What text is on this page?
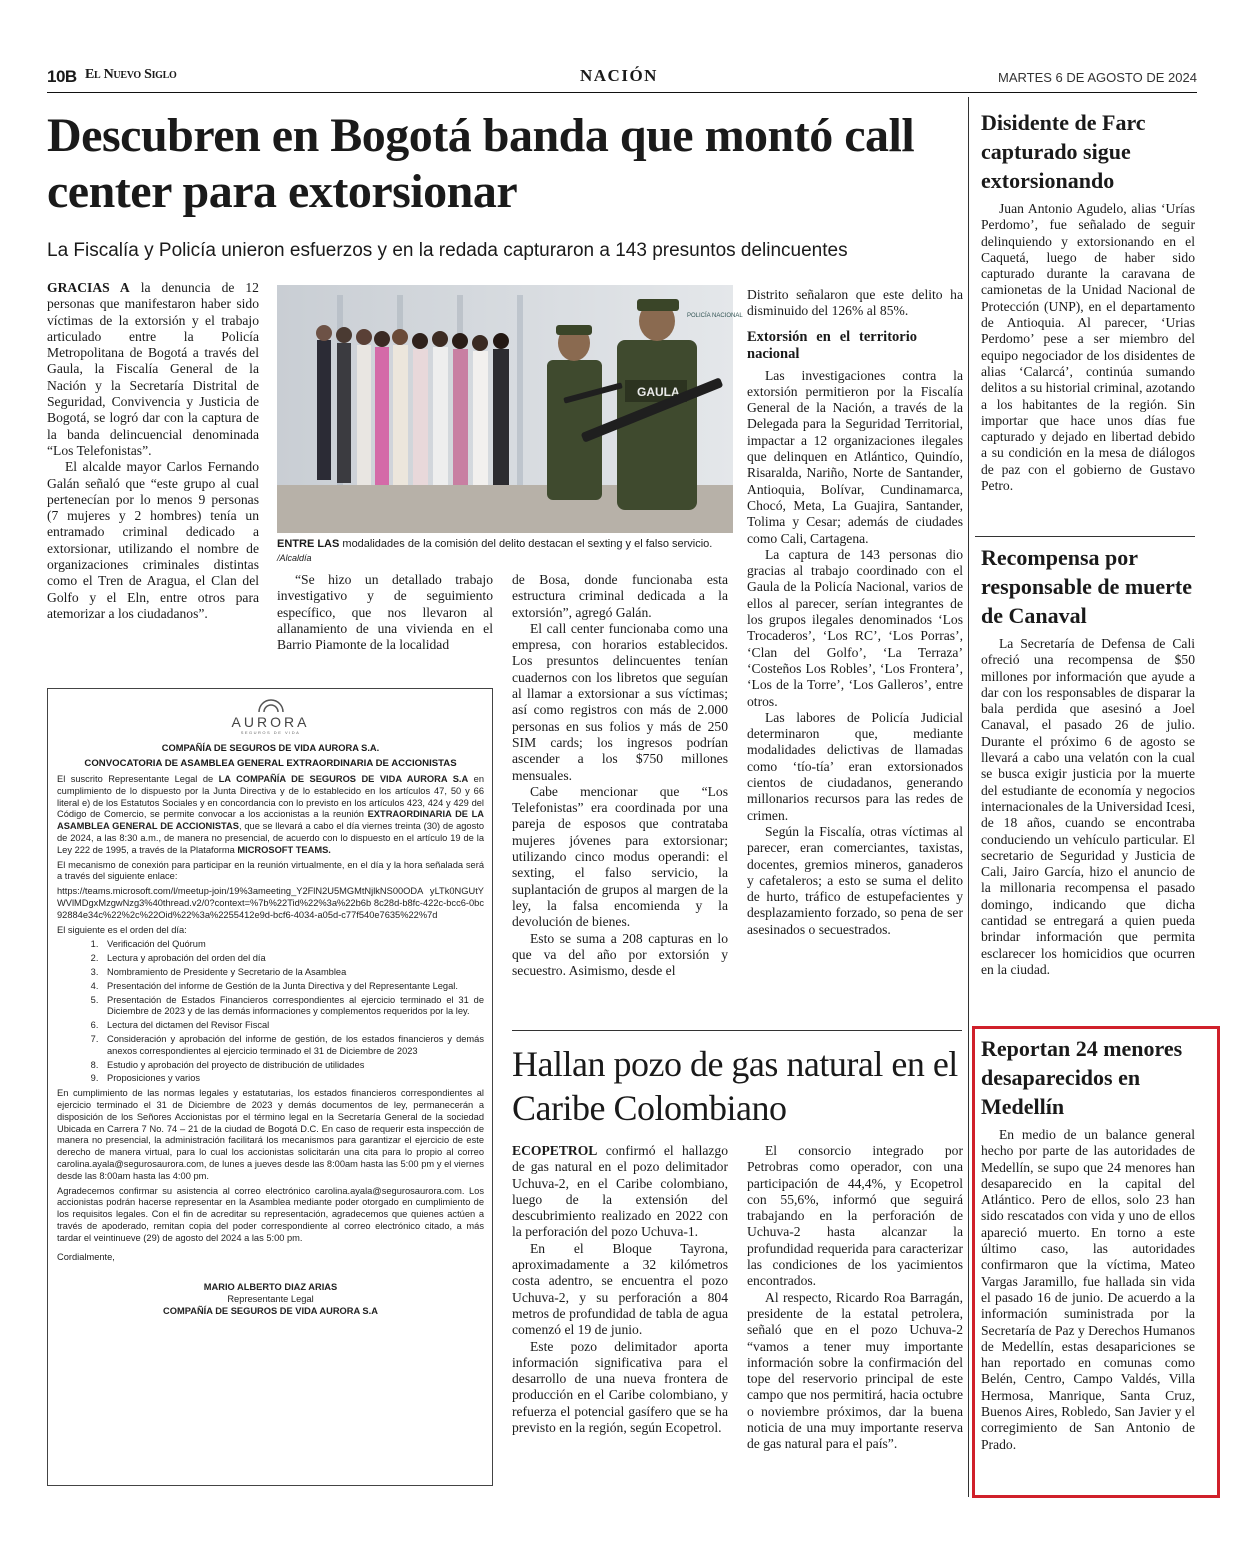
10B El Nuevo Siglo	NACIÓN	MARTES 6 DE AGOSTO DE 2024
Descubren en Bogotá banda que montó call center para extorsionar
La Fiscalía y Policía unieron esfuerzos y en la redada capturaron a 143 presuntos delincuentes

GRACIAS A la denuncia de 12 personas que manifestaron haber sido víctimas de la extorsión y el trabajo articulado entre la Policía Metropolitana de Bogotá a través del Gaula, la Fiscalía General de la Nación y la Secretaría Distrital de Seguridad, Convivencia y Justicia de Bogotá, se logró dar con la captura de la banda delincuencial denominada “Los Telefonistas”.

El alcalde mayor Carlos Fernando Galán señaló que “este grupo al cual pertenecían por lo menos 9 personas (7 mujeres y 2 hombres) tenía un entramado criminal dedicado a extorsionar, utilizando el nombre de organizaciones criminales distintas como el Tren de Aragua, el Clan del Golfo y el Eln, entre otros para atemorizar a los ciudadanos”.

POLICÍA NACIONAL
GAULA
ENTRE LAS modalidades de la comisión del delito destacan el sexting y el falso servicio. /Alcaldía

“Se hizo un detallado trabajo investigativo y de seguimiento específico, que nos llevaron al allanamiento de una vivienda en el Barrio Piamonte de la localidad

de Bosa, donde funcionaba esta estructura criminal dedicada a la extorsión”, agregó Galán.

El call center funcionaba como una empresa, con horarios establecidos. Los presuntos delincuentes tenían cuadernos con los libretos que seguían al llamar a extorsionar a sus víctimas; así como registros con más de 2.000 personas en sus folios y más de 250 SIM cards; los ingresos podrían ascender a los $750 millones mensuales.

Cabe mencionar que “Los Telefonistas” era coordinada por una pareja de esposos que contrataba mujeres jóvenes para extorsionar; utilizando cinco modus operandi: el sexting, el falso servicio, la suplantación de grupos al margen de la ley, la falsa encomienda y la devolución de bienes.

Esto se suma a 208 capturas en lo que va del año por extorsión y secuestro. Asimismo, desde el

Distrito señalaron que este delito ha disminuido del 126% al 85%.

Extorsión en el territorio nacional

Las investigaciones contra la extorsión permitieron por la Fiscalía General de la Nación, a través de la Delegada para la Seguridad Territorial, impactar a 12 organizaciones ilegales que delinquen en Atlántico, Quindío, Risaralda, Nariño, Norte de Santander, Antioquia, Bolívar, Cundinamarca, Chocó, Meta, La Guajira, Santander, Tolima y Cesar; además de ciudades como Cali, Cartagena.

La captura de 143 personas dio gracias al trabajo coordinado con el Gaula de la Policía Nacional, varios de ellos al parecer, serían integrantes de los grupos ilegales denominados ‘Los Trocaderos’, ‘Los RC’, ‘Los Porras’, ‘Clan del Golfo’, ‘La Terraza’ ‘Costeños Los Robles’, ‘Los Frontera’, ‘Los de la Torre’, ‘Los Galleros’, entre otros.

Las labores de Policía Judicial determinaron que, mediante modalidades delictivas de llamadas como ‘tío-tía’ eran extorsionados cientos de ciudadanos, generando millonarios recursos para las redes de crimen.

Según la Fiscalía, otras víctimas al parecer, eran comerciantes, taxistas, docentes, gremios mineros, ganaderos y cafetaleros; a esto se suma el delito de hurto, tráfico de estupefacientes y desplazamiento forzado, so pena de ser asesinados o secuestrados.

AURORA
SEGUROS DE VIDA
COMPAÑÍA DE SEGUROS DE VIDA AURORA S.A.
CONVOCATORIA DE ASAMBLEA GENERAL EXTRAORDINARIA DE ACCIONISTAS

El suscrito Representante Legal de LA COMPAÑÍA DE SEGUROS DE VIDA AURORA S.A en cumplimiento de lo dispuesto por la Junta Directiva y de lo establecido en los artículos 47, 50 y 66 literal e) de los Estatutos Sociales y en concordancia con lo previsto en los artículos 423, 424 y 429 del Código de Comercio, se permite convocar a los accionistas a la reunión EXTRAORDINARIA DE LA ASAMBLEA GENERAL DE ACCIONISTAS, que se llevará a cabo el día viernes treinta (30) de agosto de 2024, a las 8:30 a.m., de manera no presencial, de acuerdo con lo dispuesto en el artículo 19 de la Ley 222 de 1995, a través de la Plataforma MICROSOFT TEAMS.

El mecanismo de conexión para participar en la reunión virtualmente, en el día y la hora señalada será a través del siguiente enlace:

https://teams.microsoft.com/l/meetup-join/19%3ameeting_Y2FlN2U5MGMtNjlkNS00ODA yLTk0NGUtYWVlMDgxMzgwNzg3%40thread.v2/0?context=%7b%22Tid%22%3a%22b6b 8c28d-b8fc-422c-bcc6-0bc92884e34c%22%2c%22Oid%22%3a%2255412e9d-bcf6-4034-a05d-c77f540e7635%22%7d

El siguiente es el orden del día:

1. Verificación del Quórum
2. Lectura y aprobación del orden del día
3. Nombramiento de Presidente y Secretario de la Asamblea
4. Presentación del informe de Gestión de la Junta Directiva y del Representante Legal.
5. Presentación de Estados Financieros correspondientes al ejercicio terminado el 31 de Diciembre de 2023 y de las demás informaciones y complementos requeridos por la ley.
6. Lectura del dictamen del Revisor Fiscal
7. Consideración y aprobación del informe de gestión, de los estados financieros y demás anexos correspondientes al ejercicio terminado el 31 de Diciembre de 2023
8. Estudio y aprobación del proyecto de distribución de utilidades
9. Proposiciones y varios

En cumplimiento de las normas legales y estatutarias, los estados financieros correspondientes al ejercicio terminado el 31 de Diciembre de 2023 y demás documentos de ley, permanecerán a disposición de los Señores Accionistas por el término legal en la Secretaría General de la sociedad Ubicada en Carrera 7 No. 74 – 21 de la ciudad de Bogotá D.C. En caso de requerir esta inspección de manera no presencial, la administración facilitará los mecanismos para garantizar el ejercicio de este derecho de manera virtual, para lo cual los accionistas solicitarán una cita para lo propio al correo carolina.ayala@segurosaurora.com, de lunes a jueves desde las 8:00am hasta las 5:00 pm y el viernes desde las 8:00am hasta las 4:00 pm.

Agradecemos confirmar su asistencia al correo electrónico carolina.ayala@segurosaurora.com. Los accionistas podrán hacerse representar en la Asamblea mediante poder otorgado en cumplimiento de los requisitos legales. Con el fin de acreditar su representación, agradecemos que quienes actúen a través de apoderado, remitan copia del poder correspondiente al correo electrónico citado, a más tardar el veintinueve (29) de agosto del 2024 a las 5:00 pm.

Cordialmente,

MARIO ALBERTO DIAZ ARIAS
Representante Legal
COMPAÑÍA DE SEGUROS DE VIDA AURORA S.A
Hallan pozo de gas natural en el Caribe Colombiano

ECOPETROL confirmó el hallazgo de gas natural en el pozo delimitador Uchuva-2, en el Caribe colombiano, luego de la extensión del descubrimiento realizado en 2022 con la perforación del pozo Uchuva-1.

En el Bloque Tayrona, aproximadamente a 32 kilómetros costa adentro, se encuentra el pozo Uchuva-2, y su perforación a 804 metros de profundidad de tabla de agua comenzó el 19 de junio.

Este pozo delimitador aporta información significativa para el desarrollo de una nueva frontera de producción en el Caribe colombiano, y refuerza el potencial gasífero que se ha previsto en la región, según Ecopetrol.

El consorcio integrado por Petrobras como operador, con una participación de 44,4%, y Ecopetrol con 55,6%, informó que seguirá trabajando en la perforación de Uchuva-2 hasta alcanzar la profundidad requerida para caracterizar las condiciones de los yacimientos encontrados.

Al respecto, Ricardo Roa Barragán, presidente de la estatal petrolera, señaló que en el pozo Uchuva-2 “vamos a tener muy importante información sobre la confirmación del tope del reservorio principal de este campo que nos permitirá, hacia octubre o noviembre próximos, dar la buena noticia de una muy importante reserva de gas natural para el país”.

Disidente de Farc capturado sigue extorsionando

Juan Antonio Agudelo, alias ‘Urías Perdomo’, fue señalado de seguir delinquiendo y extorsionando en el Caquetá, luego de haber sido capturado durante la caravana de camionetas de la Unidad Nacional de Protección (UNP), en el departamento de Antioquia. Al parecer, ‘Urias Perdomo’ pese a ser miembro del equipo negociador de los disidentes de alias ‘Calarcá’, continúa sumando delitos a su historial criminal, azotando a los habitantes de la región. Sin importar que hace unos días fue capturado y dejado en libertad debido a su condición en la mesa de diálogos de paz con el gobierno de Gustavo Petro.

Recompensa por responsable de muerte de Canaval

La Secretaría de Defensa de Cali ofreció una recompensa de $50 millones por información que ayude a dar con los responsables de disparar la bala perdida que asesinó a Joel Canaval, el pasado 26 de julio. Durante el próximo 6 de agosto se llevará a cabo una velatón con la cual se busca exigir justicia por la muerte del estudiante de economía y negocios internacionales de la Universidad Icesi, de 18 años, cuando se encontraba conduciendo un vehículo particular. El secretario de Seguridad y Justicia de Cali, Jairo García, hizo el anuncio de la millonaria recompensa el pasado domingo, indicando que dicha cantidad se entregará a quien pueda brindar información que permita esclarecer los homicidios que ocurren en la ciudad.

Reportan 24 menores desaparecidos en Medellín

En medio de un balance general hecho por parte de las autoridades de Medellín, se supo que 24 menores han desaparecido en la capital del Atlántico. Pero de ellos, solo 23 han sido rescatados con vida y uno de ellos apareció muerto. En torno a este último caso, las autoridades confirmaron que la víctima, Mateo Vargas Jaramillo, fue hallada sin vida el pasado 16 de junio. De acuerdo a la información suministrada por la Secretaría de Paz y Derechos Humanos de Medellín, estas desapariciones se han reportado en comunas como Belén, Centro, Campo Valdés, Villa Hermosa, Manrique, Santa Cruz, Buenos Aires, Robledo, San Javier y el corregimiento de San Antonio de Prado.
